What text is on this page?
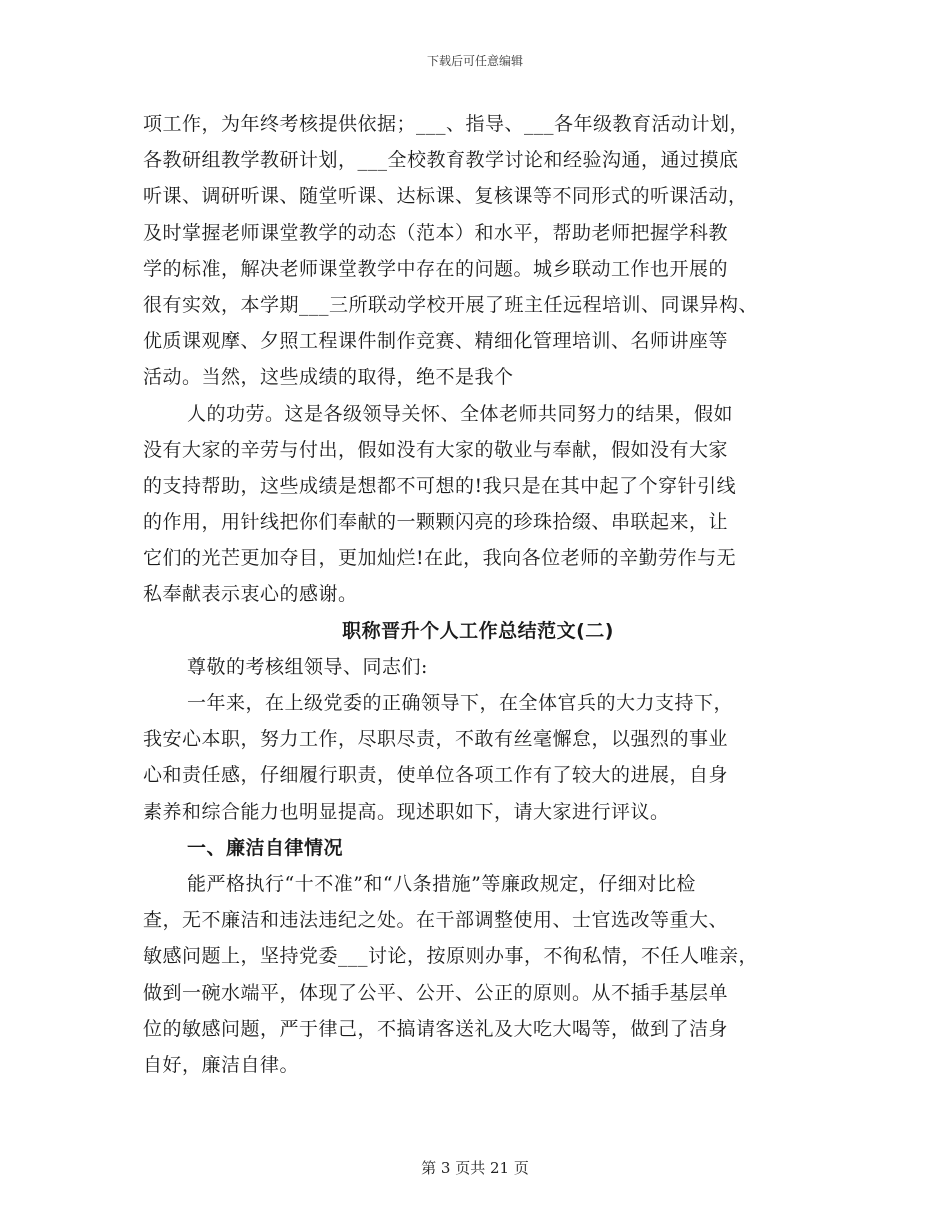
下载后可任意编辑
项工作，为年终考核提供依据；___、指导、___各年级教育活动计划，
各教研组教学教研计划，___全校教育教学讨论和经验沟通，通过摸底
听课、调研听课、随堂听课、达标课、复核课等不同形式的听课活动，
及时掌握老师课堂教学的动态（范本）和水平，帮助老师把握学科教
学的标准，解决老师课堂教学中存在的问题。城乡联动工作也开展的
很有实效，本学期___三所联动学校开展了班主任远程培训、同课异构、
优质课观摩、夕照工程课件制作竞赛、精细化管理培训、名师讲座等
活动。当然，这些成绩的取得，绝不是我个
人的功劳。这是各级领导关怀、全体老师共同努力的结果，假如
没有大家的辛劳与付出，假如没有大家的敬业与奉献，假如没有大家
的支持帮助，这些成绩是想都不可想的!我只是在其中起了个穿针引线
的作用，用针线把你们奉献的一颗颗闪亮的珍珠拾缀、串联起来，让
它们的光芒更加夺目，更加灿烂!在此，我向各位老师的辛勤劳作与无
私奉献表示衷心的感谢。
职称晋升个人工作总结范文(二)
尊敬的考核组领导、同志们:
一年来，在上级党委的正确领导下，在全体官兵的大力支持下，
我安心本职，努力工作，尽职尽责，不敢有丝毫懈怠，以强烈的事业
心和责任感，仔细履行职责，使单位各项工作有了较大的进展，自身
素养和综合能力也明显提高。现述职如下，请大家进行评议。
一、廉洁自律情况
能严格执行“十不准”和“八条措施”等廉政规定，仔细对比检
查，无不廉洁和违法违纪之处。在干部调整使用、士官选改等重大、
敏感问题上，坚持党委___讨论，按原则办事，不徇私情，不任人唯亲，
做到一碗水端平，体现了公平、公开、公正的原则。从不插手基层单
位的敏感问题，严于律己，不搞请客送礼及大吃大喝等，做到了洁身
自好，廉洁自律。
第 3 页共 21 页
